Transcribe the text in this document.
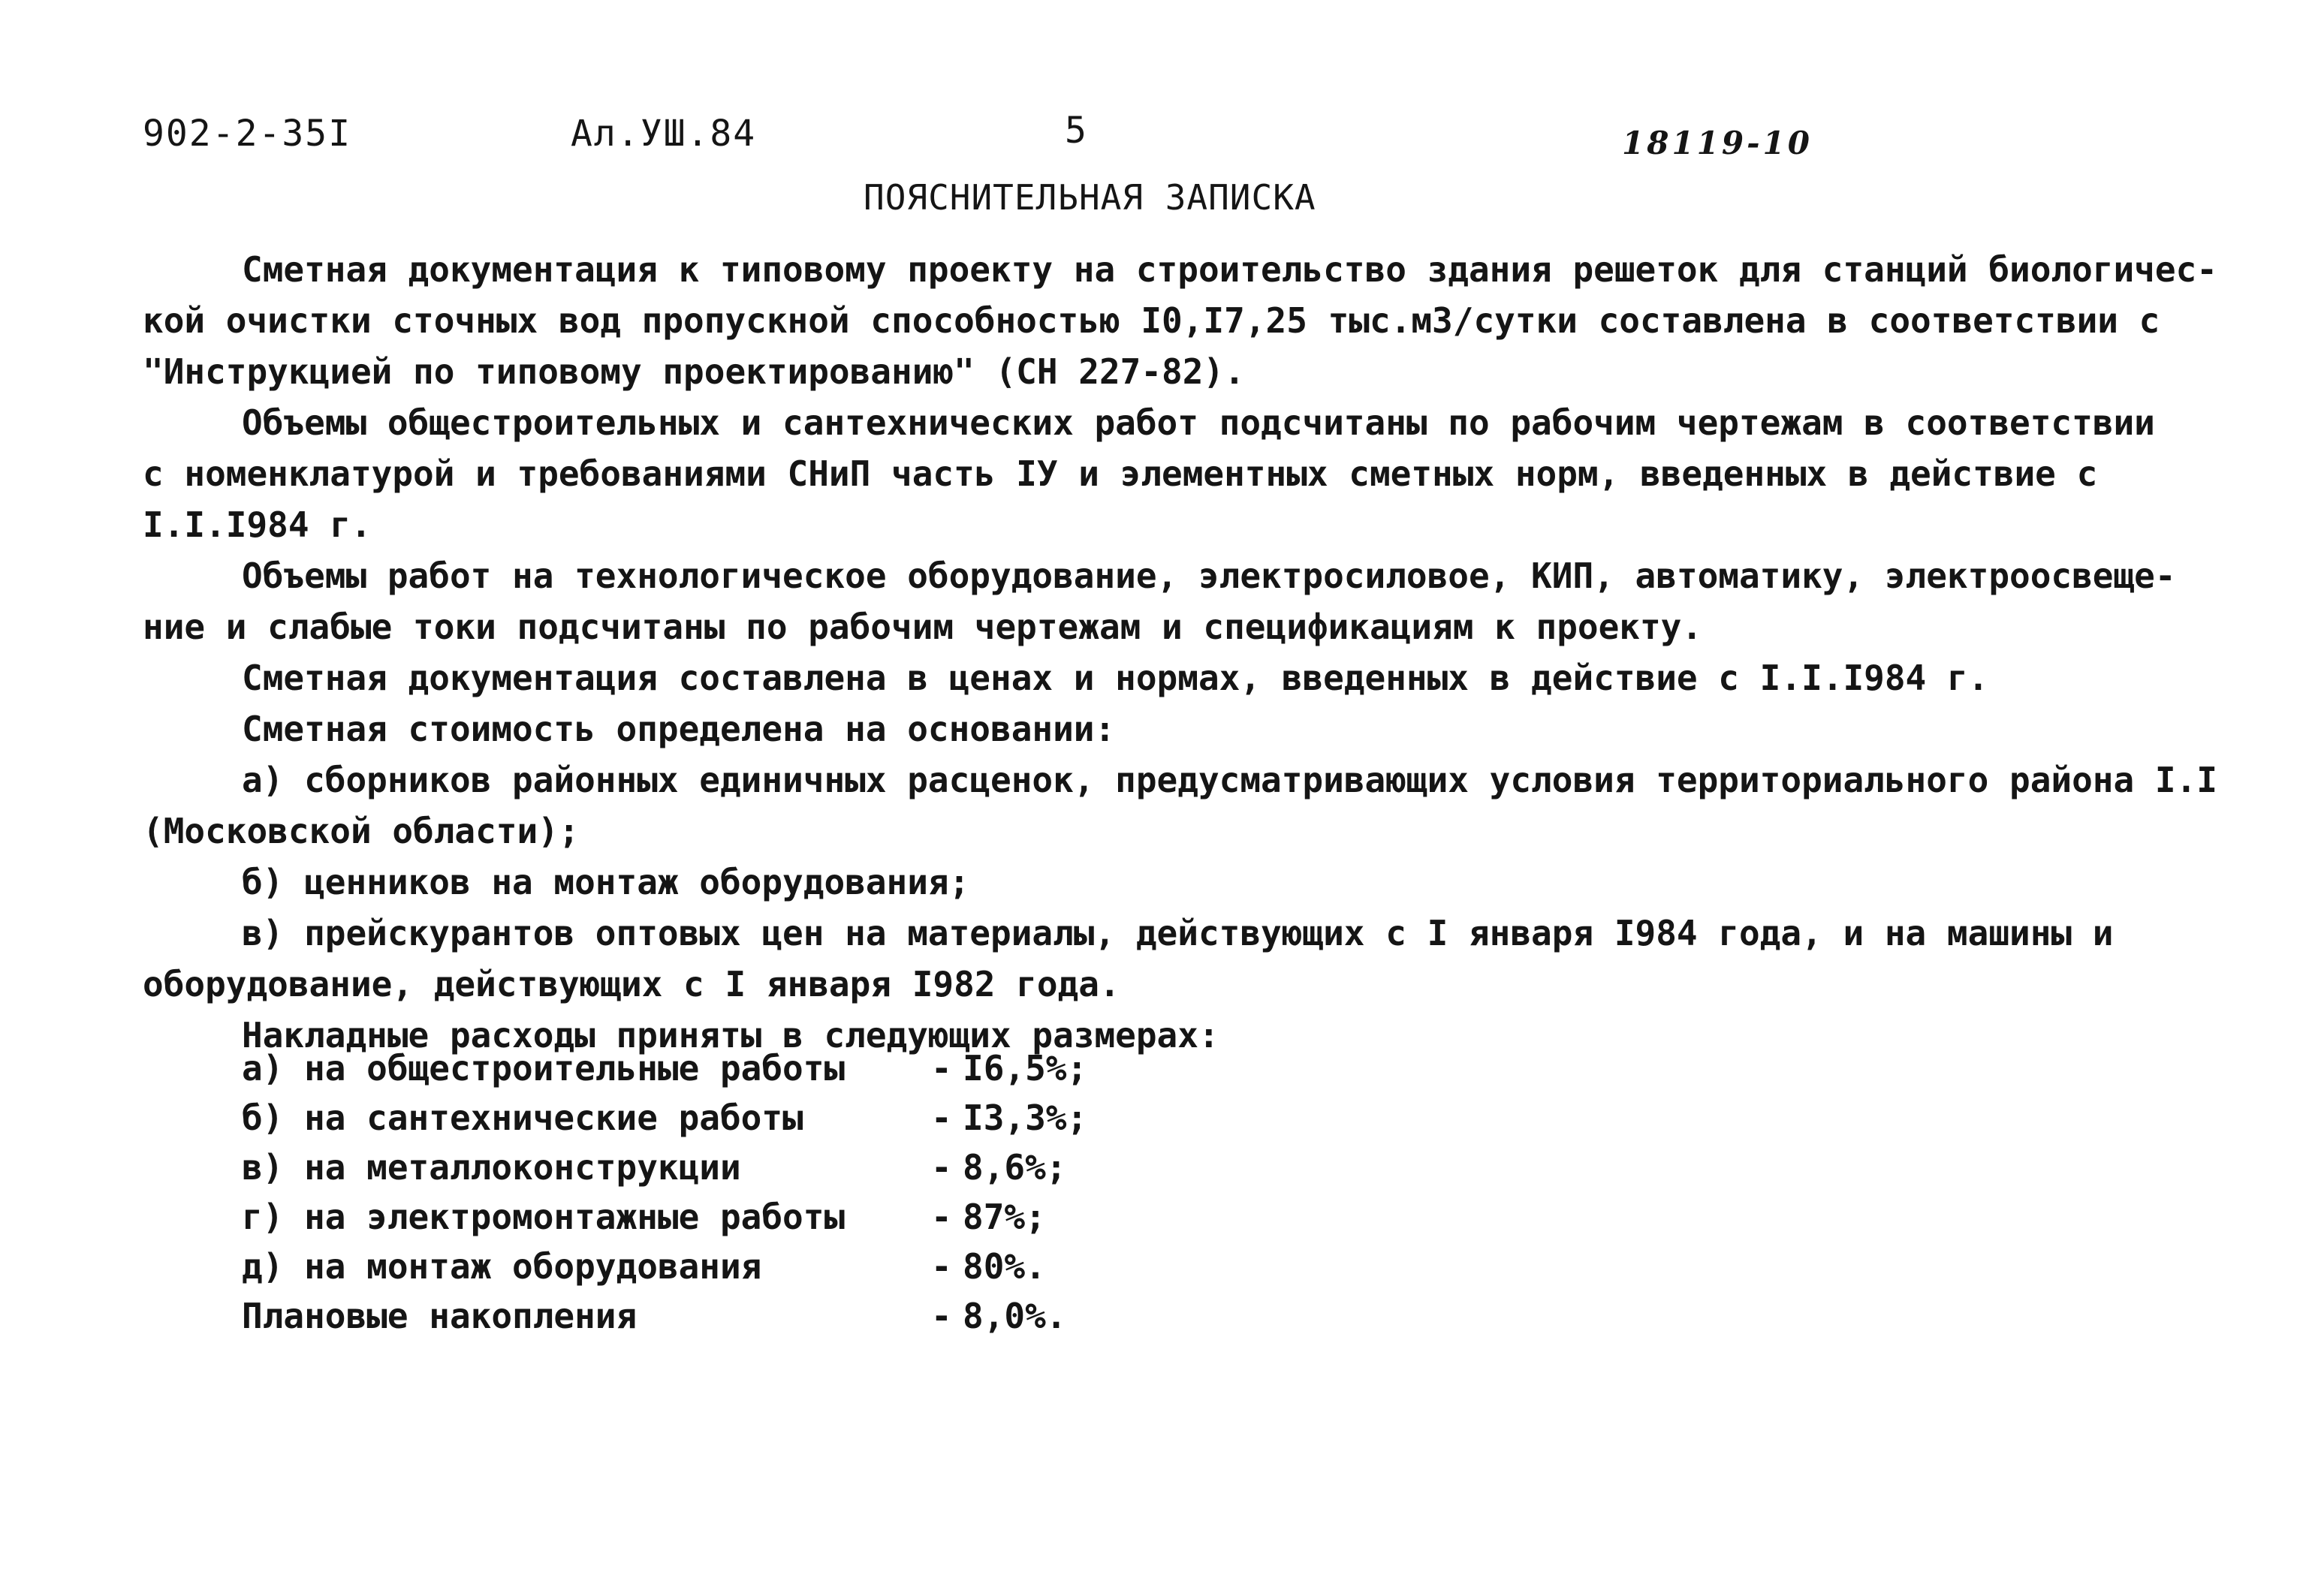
902-2-35I	Ал.УШ.84	5	18119-10
ПОЯСНИТЕЛЬНАЯ ЗАПИСКА
Сметная документация к типовому проекту на строительство здания решеток для станций биологичес-
кой очистки сточных вод пропускной способностью I0,I7,25 тыс.м3/сутки составлена в соответствии с
"Инструкцией по типовому проектированию" (СН 227-82).
Объемы общестроительных и сантехнических работ подсчитаны по рабочим чертежам в соответствии
с номенклатурой и требованиями СНиП часть IУ и элементных сметных норм, введенных в действие с
I.I.I984 г.
Объемы работ на технологическое оборудование, электросиловое, КИП, автоматику, электроосвеще-
ние и слабые токи подсчитаны по рабочим чертежам и спецификациям к проекту.
Сметная документация составлена в ценах и нормах, введенных в действие с I.I.I984 г.
Сметная стоимость определена на основании:
а) сборников районных единичных расценок, предусматривающих условия территориального района I.I
(Московской области);
б) ценников на монтаж оборудования;
в) прейскурантов оптовых цен на материалы, действующих с I января I984 года, и на машины и
оборудование, действующих с I января I982 года.
Накладные расходы приняты в следующих размерах:
а) на общестроительные работы - I6,5%;
б) на сантехнические работы	- I3,3%;
в) на металлоконструкции	- 8,6%;
г) на электромонтажные работы - 87%;
д) на монтаж оборудования	- 80%.
Плановые накопления	- 8,0%.
